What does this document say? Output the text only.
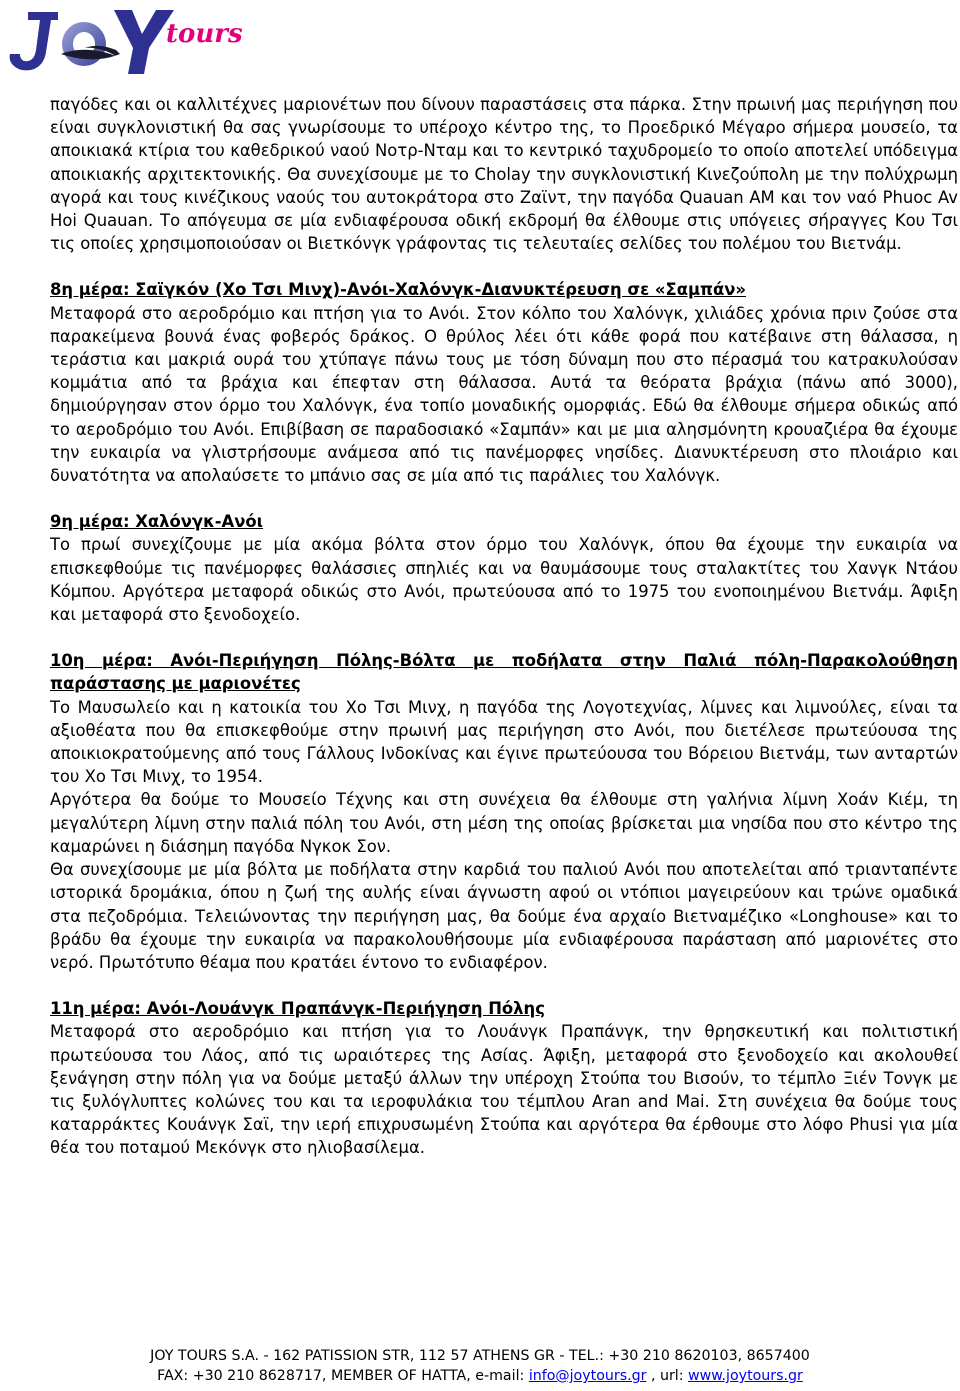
tours

παγόδες και οι καλλιτέχνες μαριονέτων που δίνουν παραστάσεις στα πάρκα. Στην πρωινή μας περιήγηση που είναι συγκλονιστική θα σας γνωρίσουμε το υπέροχο κέντρο της, το Προεδρικό Μέγαρο σήμερα μουσείο, τα αποικιακά κτίρια του καθεδρικού ναού Νοτρ-Νταμ και το κεντρικό ταχυδρομείο το οποίο αποτελεί υπόδειγμα αποικιακής αρχιτεκτονικής. Θα συνεχίσουμε με το Cholay την συγκλονιστική Κινεζούπολη με την πολύχρωμη αγορά και τους κινέζικους ναούς του αυτοκράτορα στο Ζαϊντ, την παγόδα Quauan AM και τον ναό Phuoc Av Hoi Quauan. Το απόγευμα σε μία ενδιαφέρουσα οδική εκδρομή θα έλθουμε στις υπόγειες σήραγγες Κου Τσι τις οποίες χρησιμοποιούσαν οι Βιετκόνγκ γράφοντας τις τελευταίες σελίδες του πολέμου του Βιετνάμ.

8η μέρα: Σαϊγκόν (Χο Τσι Μινχ)-Ανόι-Χαλόνγκ-Διανυκτέρευση σε «Σαμπάν»

Μεταφορά στο αεροδρόμιο και πτήση για το Ανόι. Στον κόλπο του Χαλόνγκ, χιλιάδες χρόνια πριν ζούσε στα παρακείμενα βουνά ένας φοβερός δράκος. Ο θρύλος λέει ότι κάθε φορά που κατέβαινε στη θάλασσα, η τεράστια και μακριά ουρά του χτύπαγε πάνω τους με τόση δύναμη που στο πέρασμά του κατρακυλούσαν κομμάτια από τα βράχια και έπεφταν στη θάλασσα. Αυτά τα θεόρατα βράχια (πάνω από 3000), δημιούργησαν στον όρμο του Χαλόνγκ, ένα τοπίο μοναδικής ομορφιάς. Εδώ θα έλθουμε σήμερα οδικώς από το αεροδρόμιο του Ανόι. Επιβίβαση σε παραδοσιακό «Σαμπάν» και με μια αλησμόνητη κρουαζιέρα θα έχουμε την ευκαιρία να γλιστρήσουμε ανάμεσα από τις πανέμορφες νησίδες. Διανυκτέρευση στο πλοιάριο και δυνατότητα να απολαύσετε το μπάνιο σας σε μία από τις παράλιες του Χαλόνγκ.

9η μέρα: Χαλόνγκ-Ανόι

Το πρωί συνεχίζουμε με μία ακόμα βόλτα στον όρμο του Χαλόνγκ, όπου θα έχουμε την ευκαιρία να επισκεφθούμε τις πανέμορφες θαλάσσιες σπηλιές και να θαυμάσουμε τους σταλακτίτες του Χανγκ Ντάου Κόμπου. Αργότερα μεταφορά οδικώς στο Ανόι, πρωτεύουσα από το 1975 του ενοποιημένου Βιετνάμ. Άφιξη και μεταφορά στο ξενοδοχείο.

10η μέρα: Ανόι-Περιήγηση Πόλης-Βόλτα με ποδήλατα στην Παλιά πόλη-Παρακολούθηση παράστασης με μαριονέτες

Το Μαυσωλείο και η κατοικία του Χο Τσι Μινχ, η παγόδα της Λογοτεχνίας, λίμνες και λιμνούλες, είναι τα αξιοθέατα που θα επισκεφθούμε στην πρωινή μας περιήγηση στο Ανόι, που διετέλεσε πρωτεύουσα της αποικιοκρατούμενης από τους Γάλλους Ινδοκίνας και έγινε πρωτεύουσα του Βόρειου Βιετνάμ, των ανταρτών του Χο Τσι Μινχ, το 1954.

Αργότερα θα δούμε το Μουσείο Τέχνης και στη συνέχεια θα έλθουμε στη γαλήνια λίμνη Χοάν Κιέμ, τη μεγαλύτερη λίμνη στην παλιά πόλη του Ανόι, στη μέση της οποίας βρίσκεται μια νησίδα που στο κέντρο της καμαρώνει η διάσημη παγόδα Νγκοκ Σον.

Θα συνεχίσουμε με μία βόλτα με ποδήλατα στην καρδιά του παλιού Ανόι που αποτελείται από τριανταπέντε ιστορικά δρομάκια, όπου η ζωή της αυλής είναι άγνωστη αφού οι ντόπιοι μαγειρεύουν και τρώνε ομαδικά στα πεζοδρόμια. Τελειώνοντας την περιήγηση μας, θα δούμε ένα αρχαίο Βιετναμέζικο «Longhouse» και το βράδυ θα έχουμε την ευκαιρία να παρακολουθήσουμε μία ενδιαφέρουσα παράσταση από μαριονέτες στο νερό. Πρωτότυπο θέαμα που κρατάει έντονο το ενδιαφέρον.

11η μέρα: Ανόι-Λουάνγκ Πραπάνγκ-Περιήγηση Πόλης

Μεταφορά στο αεροδρόμιο και πτήση για το Λουάνγκ Πραπάνγκ, την θρησκευτική και πολιτιστική πρωτεύουσα του Λάος, από τις ωραιότερες της Ασίας. Άφιξη, μεταφορά στο ξενοδοχείο και ακολουθεί ξενάγηση στην πόλη για να δούμε μεταξύ άλλων την υπέροχη Στούπα του Βισούν, το τέμπλο Ξιέν Τονγκ με τις ξυλόγλυπτες κολώνες του και τα ιεροφυλάκια του τέμπλου Aran and Mai. Στη συνέχεια θα δούμε τους καταρράκτες Κουάνγκ Σαϊ, την ιερή επιχρυσωμένη Στούπα και αργότερα θα έρθουμε στο λόφο Phusi για μία θέα του ποταμού Μεκόνγκ στο ηλιοβασίλεμα.

JOY TOURS S.A. - 162 PATISSION STR, 112 57 ATHENS GR - TEL.: +30 210 8620103, 8657400
FAX: +30 210 8628717, MEMBER OF HATTA, e-mail: info@joytours.gr , url: www.joytours.gr
